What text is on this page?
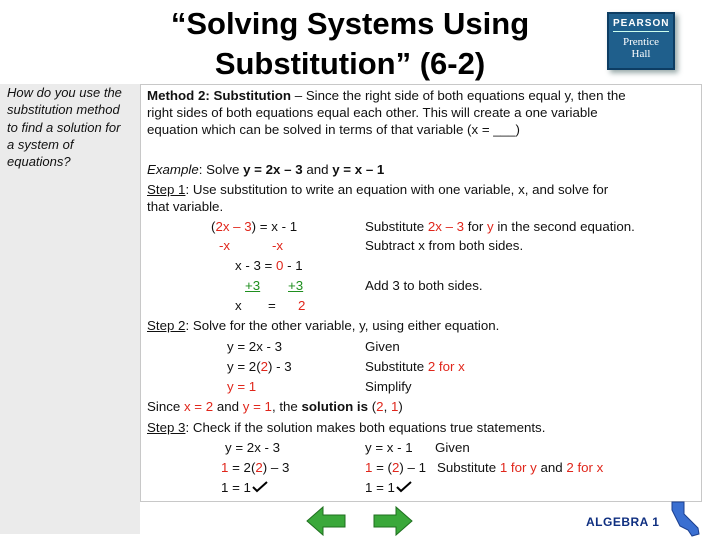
“Solving Systems Using
Substitution” (6-2)
PEARSON
Prentice
Hall
How do you use the
substitution method
to find a solution for
a system of
equations?
Method 2: Substitution – Since the right side of both equations equal y, then the
right sides of both equations equal each other. This will create a one variable
equation which can be solved in terms of that variable (x = ___)
Example: Solve y = 2x – 3 and y = x – 1
Step 1: Use substitution to write an equation with one variable, x, and solve for
that variable.
(2x – 3) = x - 1	Substitute 2x – 3 for y in the second equation.
-x	-x	Subtract x from both sides.
x - 3 = 0 - 1
+3 +3	Add 3 to both sides.
x = 2
Step 2: Solve for the other variable, y, using either equation.
y = 2x - 3	Given
y = 2(2) - 3	Substitute 2 for x
y = 1	Simplify
Since x = 2 and y = 1, the solution is (2, 1)
Step 3: Check if the solution makes both equations true statements.
y = 2x - 3	y = x - 1 Given
1 = 2(2) – 3	1 = (2) – 1 Substitute 1 for y and 2 for x
1 = 1	1 = 1
ALGEBRA 1
